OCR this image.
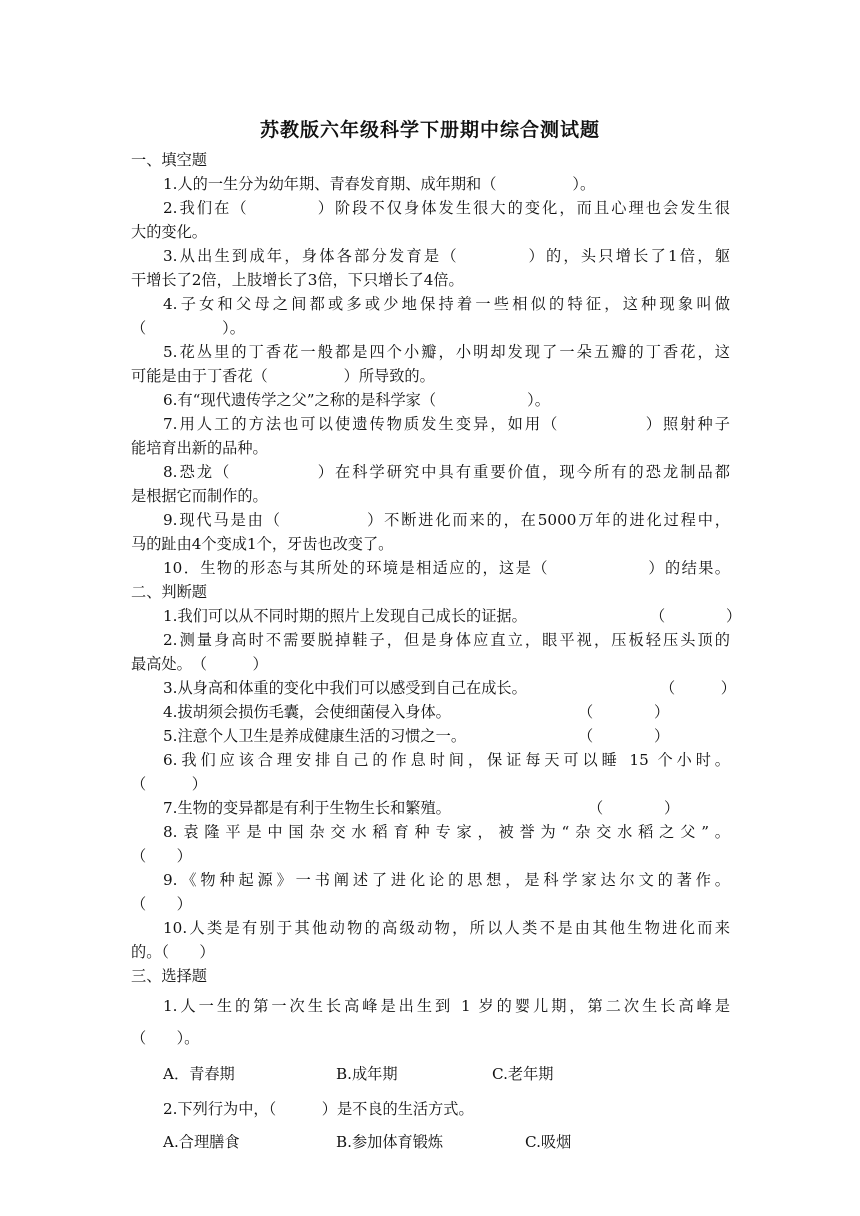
苏教版六年级科学下册期中综合测试题
一、填空题
1.人的一生分为幼年期、青春发育期、成年期和（　　　　　）。
2.我们在（　　　　）阶段不仅身体发生很大的变化，而且心理也会发生很
大的变化。
3.从出生到成年，身体各部分发育是（　　　　）的，头只增长了1倍，躯
干增长了2倍，上肢增长了3倍，下只增长了4倍。
4.子女和父母之间都或多或少地保持着一些相似的特征，这种现象叫做
（　　　　　）。
5.花丛里的丁香花一般都是四个小瓣，小明却发现了一朵五瓣的丁香花，这
可能是由于丁香花（　　　　　）所导致的。
6.有“现代遗传学之父”之称的是科学家（　　　　　　）。
7.用人工的方法也可以使遗传物质发生变异，如用（　　　　　）照射种子
能培育出新的品种。
8.恐龙（　　　　　）在科学研究中具有重要价值，现今所有的恐龙制品都
是根据它而制作的。
9.现代马是由（　　　　　）不断进化而来的，在5000万年的进化过程中，
马的趾由4个变成1个，牙齿也改变了。
10．生物的形态与其所处的环境是相适应的，这是（　　　　　　）的结果。
二、判断题
1.我们可以从不同时期的照片上发现自己成长的证据。	（　　　　）
2.测量身高时不需要脱掉鞋子，但是身体应直立，眼平视，压板轻压头顶的
最高处。　（　　　）
3.从身高和体重的变化中我们可以感受到自己在成长。	（　　　）
4.拔胡须会损伤毛囊，会使细菌侵入身体。	（　　　　）
5.注意个人卫生是养成健康生活的习惯之一。	（　　　　）
6.我们应该合理安排自己的作息时间，保证每天可以睡 15 个小时。
（　　　）
7.生物的变异都是有利于生物生长和繁殖。	（　　　　）
8.袁隆平是中国杂交水稻育种专家，被誉为“杂交水稻之父”。
（　　）
9.《物种起源》一书阐述了进化论的思想，是科学家达尔文的著作。
（　　）
10.人类是有别于其他动物的高级动物，所以人类不是由其他生物进化而来
的。（　　）
三、选择题
1.人一生的第一次生长高峰是出生到 1 岁的婴儿期，第二次生长高峰是
（　　）。
A．青春期	B.成年期	C.老年期
2.下列行为中，（　　　）是不良的生活方式。
A.合理膳食	B.参加体育锻炼	C.吸烟
